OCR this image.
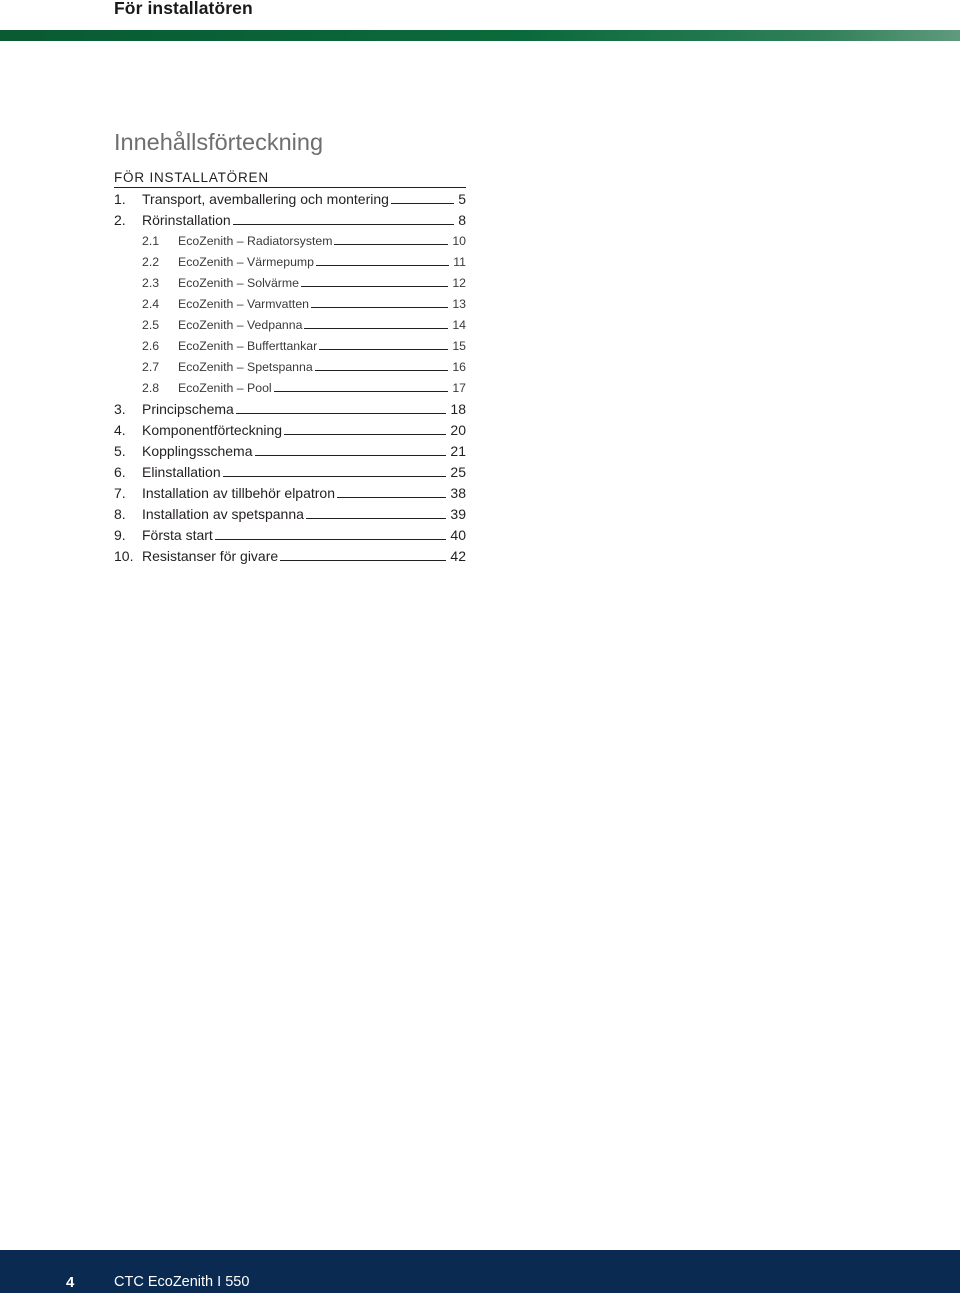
För installatören
Innehållsförteckning
FÖR INSTALLATÖREN
1. Transport, avemballering och montering	5
2. Rörinstallation	8
2.1 EcoZenith – Radiatorsystem	10
2.2 EcoZenith – Värmepump	11
2.3 EcoZenith – Solvärme	12
2.4 EcoZenith – Varmvatten	13
2.5 EcoZenith – Vedpanna	14
2.6 EcoZenith – Bufferttankar	15
2.7 EcoZenith – Spetspanna	16
2.8 EcoZenith – Pool	17
3. Principschema	18
4. Komponentförteckning	20
5. Kopplingsschema	21
6. Elinstallation	25
7. Installation av tillbehör elpatron	38
8. Installation av spetspanna	39
9. Första start	40
10. Resistanser för givare	42
4	CTC EcoZenith I 550
